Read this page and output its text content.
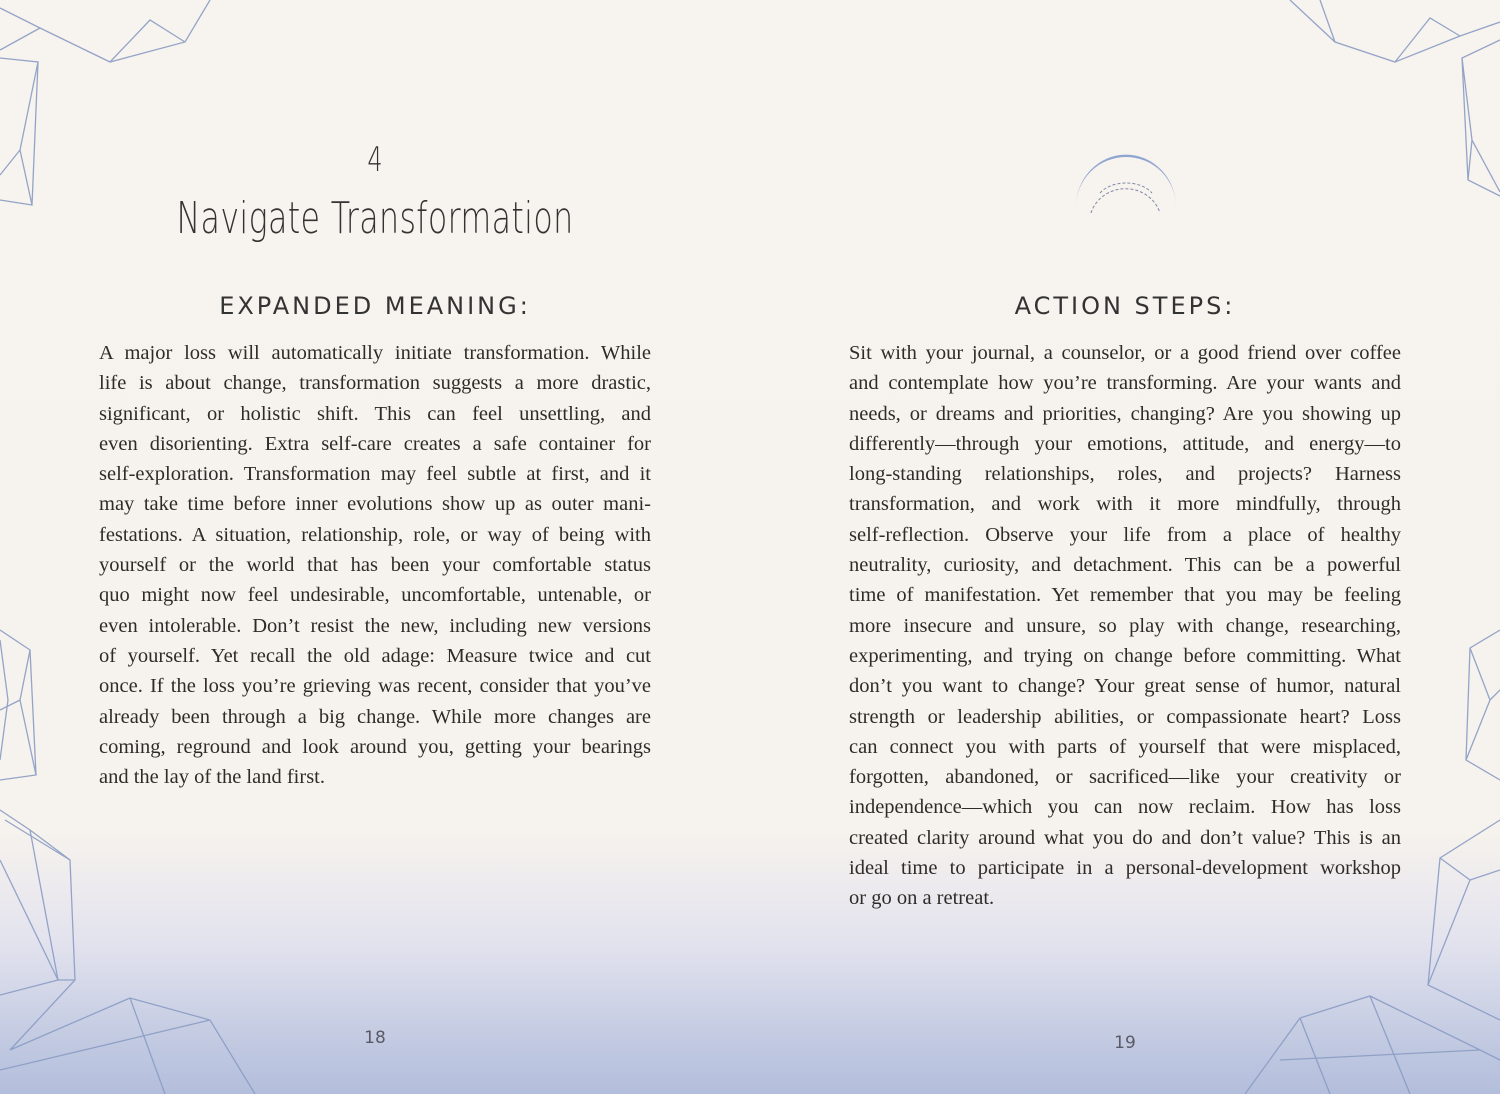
4
Navigate Transformation
EXPANDED MEANING:
A major loss will automatically initiate transformation. While
life is about change, transformation suggests a more drastic,
significant, or holistic shift. This can feel unsettling, and
even disorienting. Extra self-care creates a safe container for
self-exploration. Transformation may feel subtle at first, and it
may take time before inner evolutions show up as outer mani-
festations. A situation, relationship, role, or way of being with
yourself or the world that has been your comfortable status
quo might now feel undesirable, uncomfortable, untenable, or
even intolerable. Don’t resist the new, including new versions
of yourself. Yet recall the old adage: Measure twice and cut
once. If the loss you’re grieving was recent, consider that you’ve
already been through a big change. While more changes are
coming, reground and look around you, getting your bearings
and the lay of the land first.
18
ACTION STEPS:
Sit with your journal, a counselor, or a good friend over coffee
and contemplate how you’re transforming. Are your wants and
needs, or dreams and priorities, changing? Are you showing up
differently—through your emotions, attitude, and energy—to
long-standing relationships, roles, and projects? Harness
transformation, and work with it more mindfully, through
self-reflection. Observe your life from a place of healthy
neutrality, curiosity, and detachment. This can be a powerful
time of manifestation. Yet remember that you may be feeling
more insecure and unsure, so play with change, researching,
experimenting, and trying on change before committing. What
don’t you want to change? Your great sense of humor, natural
strength or leadership abilities, or compassionate heart? Loss
can connect you with parts of yourself that were misplaced,
forgotten, abandoned, or sacrificed—like your creativity or
independence—which you can now reclaim. How has loss
created clarity around what you do and don’t value? This is an
ideal time to participate in a personal-development workshop
or go on a retreat.
19
